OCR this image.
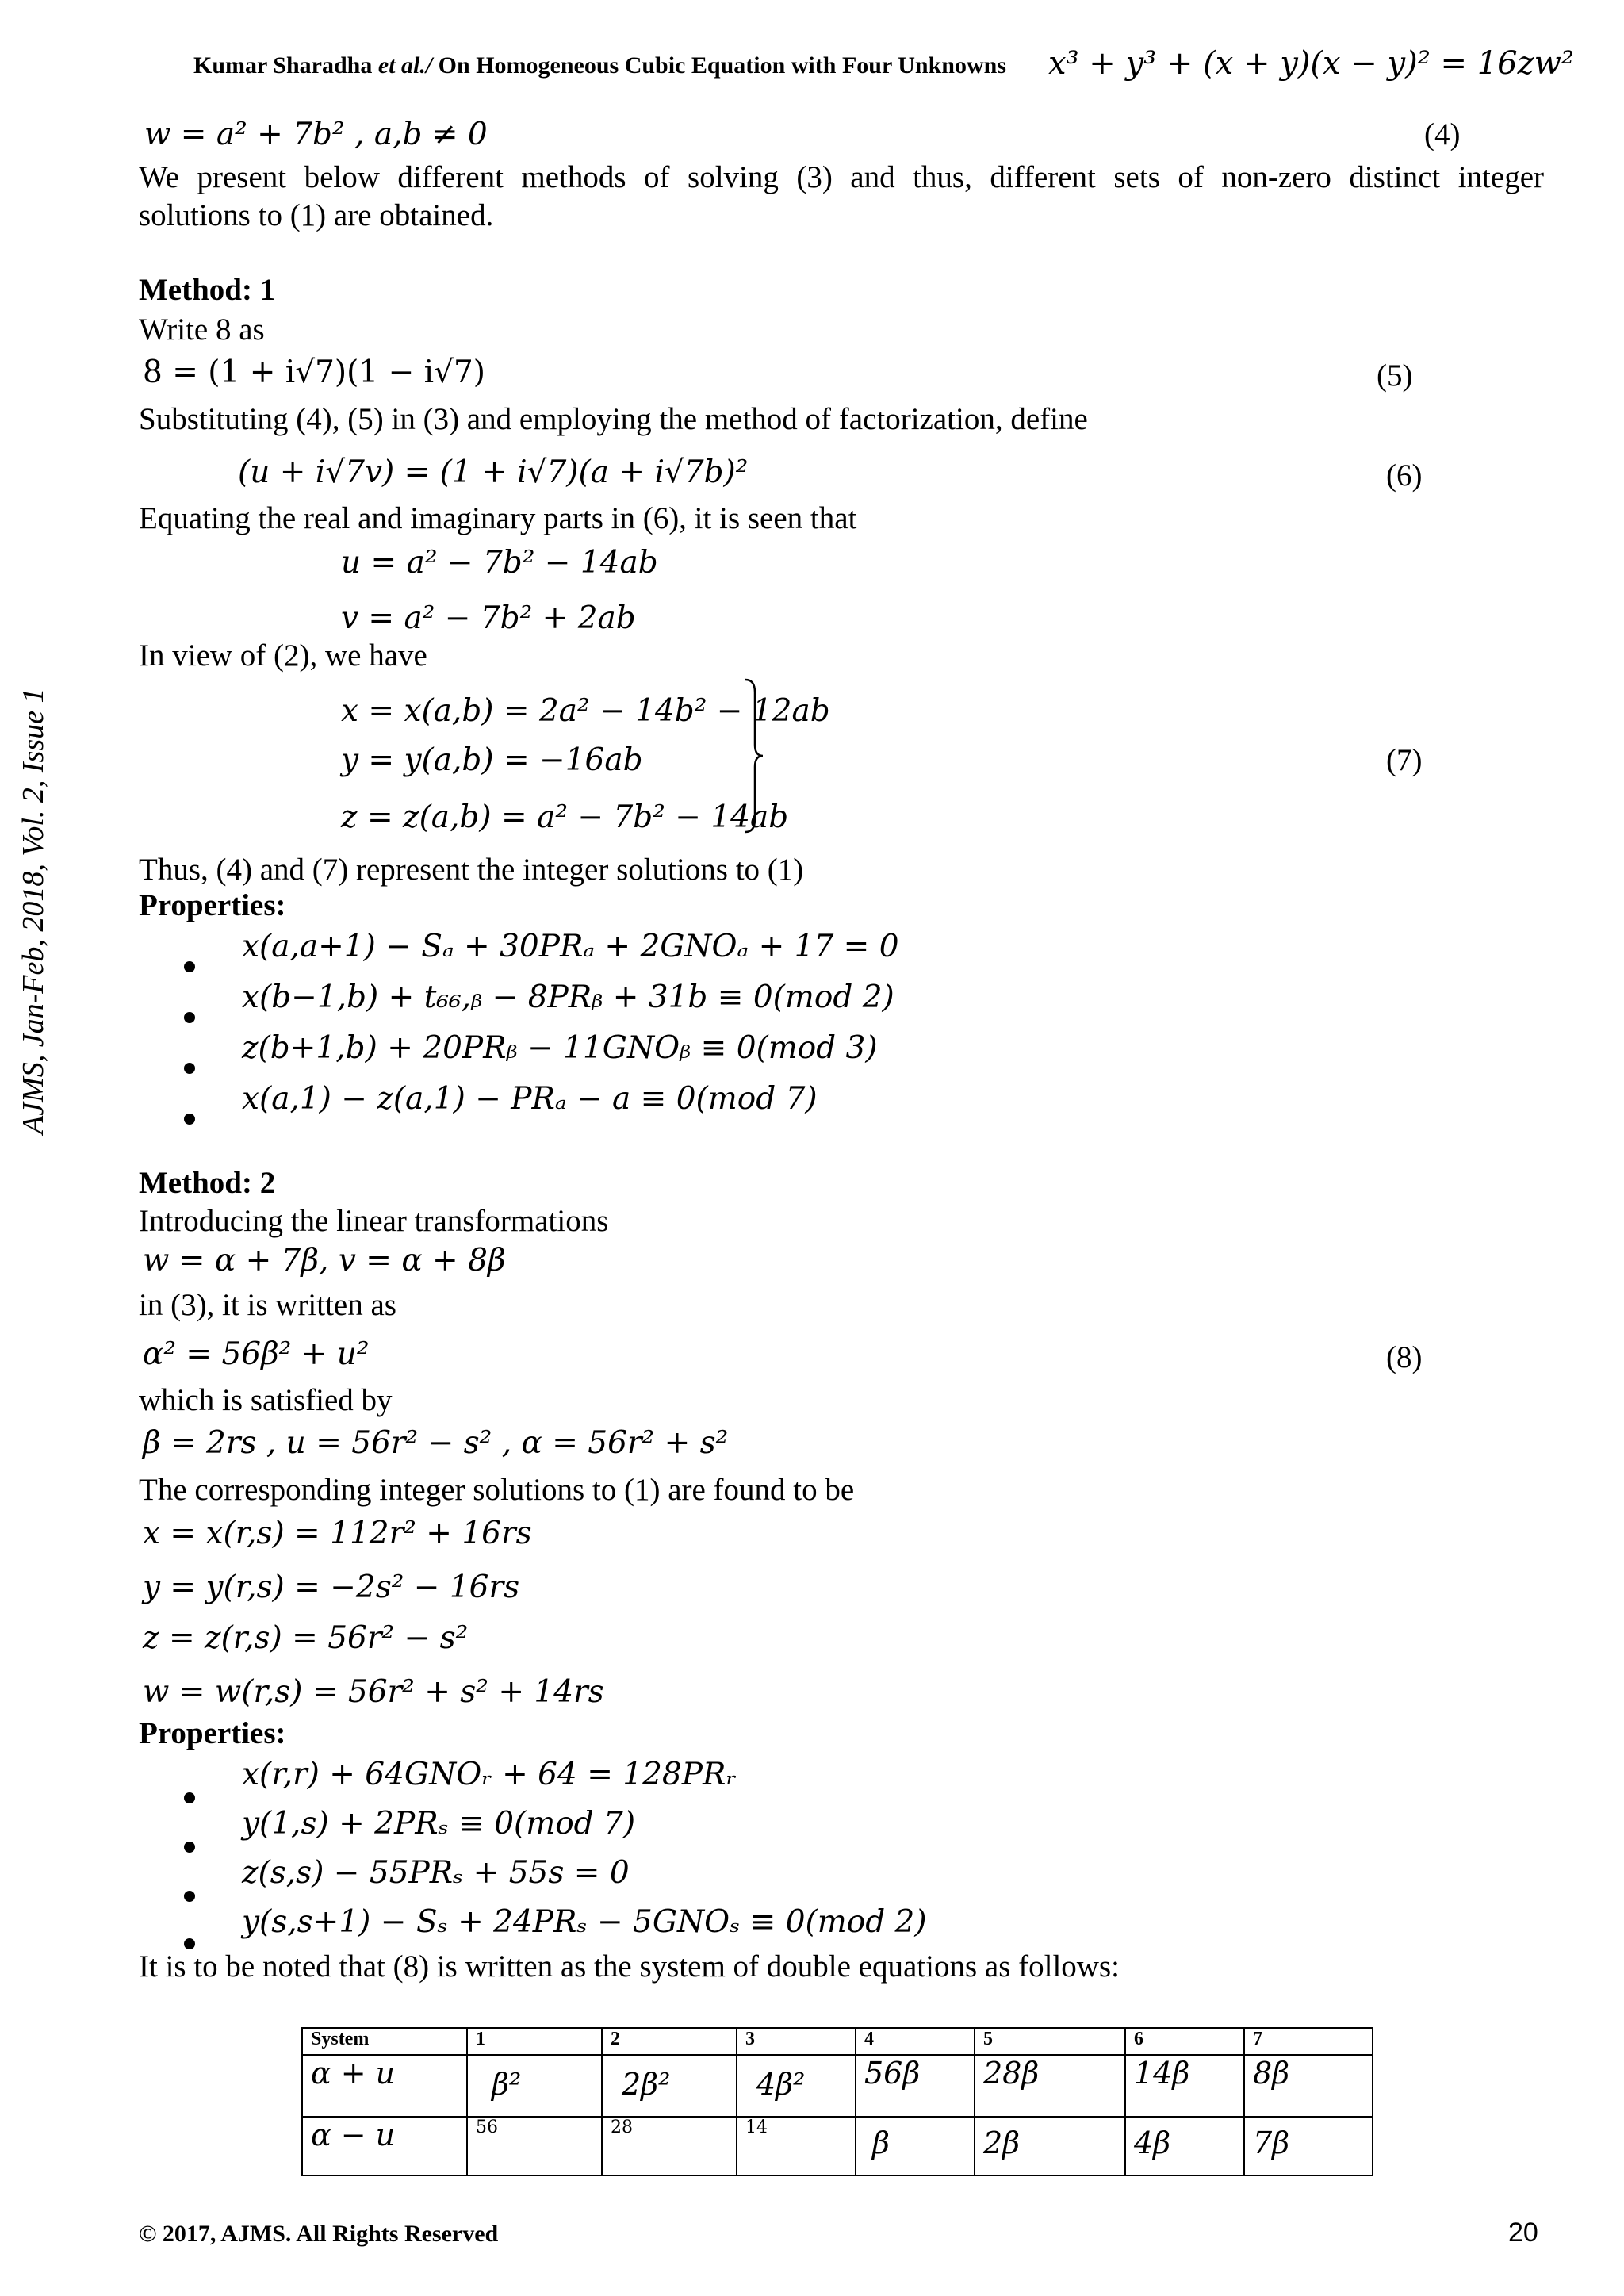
Kumar Sharadha et al./ On Homogeneous Cubic Equation with Four Unknowns x³ + y³ + (x + y)(x − y)² = 16zw²
AJMS, Jan-Feb, 2018, Vol. 2, Issue 1
w = a² + 7b² , a,b ≠ 0	(4)
We present below different methods of solving (3) and thus, different sets of non-zero distinct integer
solutions to (1) are obtained.
Method: 1
Write 8 as
8 = (1 + i√7)(1 − i√7)	(5)
Substituting (4), (5) in (3) and employing the method of factorization, define
(u + i√7v) = (1 + i√7)(a + i√7b)²	(6)
Equating the real and imaginary parts in (6), it is seen that
u = a² − 7b² − 14ab
v = a² − 7b² + 2ab
In view of (2), we have
x = x(a,b) = 2a² − 14b² − 12ab
y = y(a,b) = −16ab
z = z(a,b) = a² − 7b² − 14ab
(7)
Thus, (4) and (7) represent the integer solutions to (1)
Properties:
x(a,a+1) − Sₐ + 30PRₐ + 2GNOₐ + 17 = 0
x(b−1,b) + t₆₆,ᵦ − 8PRᵦ + 31b ≡ 0(mod 2)
z(b+1,b) + 20PRᵦ − 11GNOᵦ ≡ 0(mod 3)
x(a,1) − z(a,1) − PRₐ − a ≡ 0(mod 7)
Method: 2
Introducing the linear transformations
w = α + 7β, v = α + 8β
in (3), it is written as
α² = 56β² + u²	(8)
which is satisfied by
β = 2rs , u = 56r² − s² , α = 56r² + s²
The corresponding integer solutions to (1) are found to be
x = x(r,s) = 112r² + 16rs
y = y(r,s) = −2s² − 16rs
z = z(r,s) = 56r² − s²
w = w(r,s) = 56r² + s² + 14rs
Properties:
x(r,r) + 64GNOᵣ + 64 = 128PRᵣ
y(1,s) + 2PRₛ ≡ 0(mod 7)
z(s,s) − 55PRₛ + 55s = 0
y(s,s+1) − Sₛ + 24PRₛ − 5GNOₛ ≡ 0(mod 2)
It is to be noted that (8) is written as the system of double equations as follows:
System	1	2	3	4	5	6	7
α + u	β²	2β²	4β²	56β	28β	14β	8β
α − u	56	28	14	β	2β	4β	7β
© 2017, AJMS. All Rights Reserved	20
